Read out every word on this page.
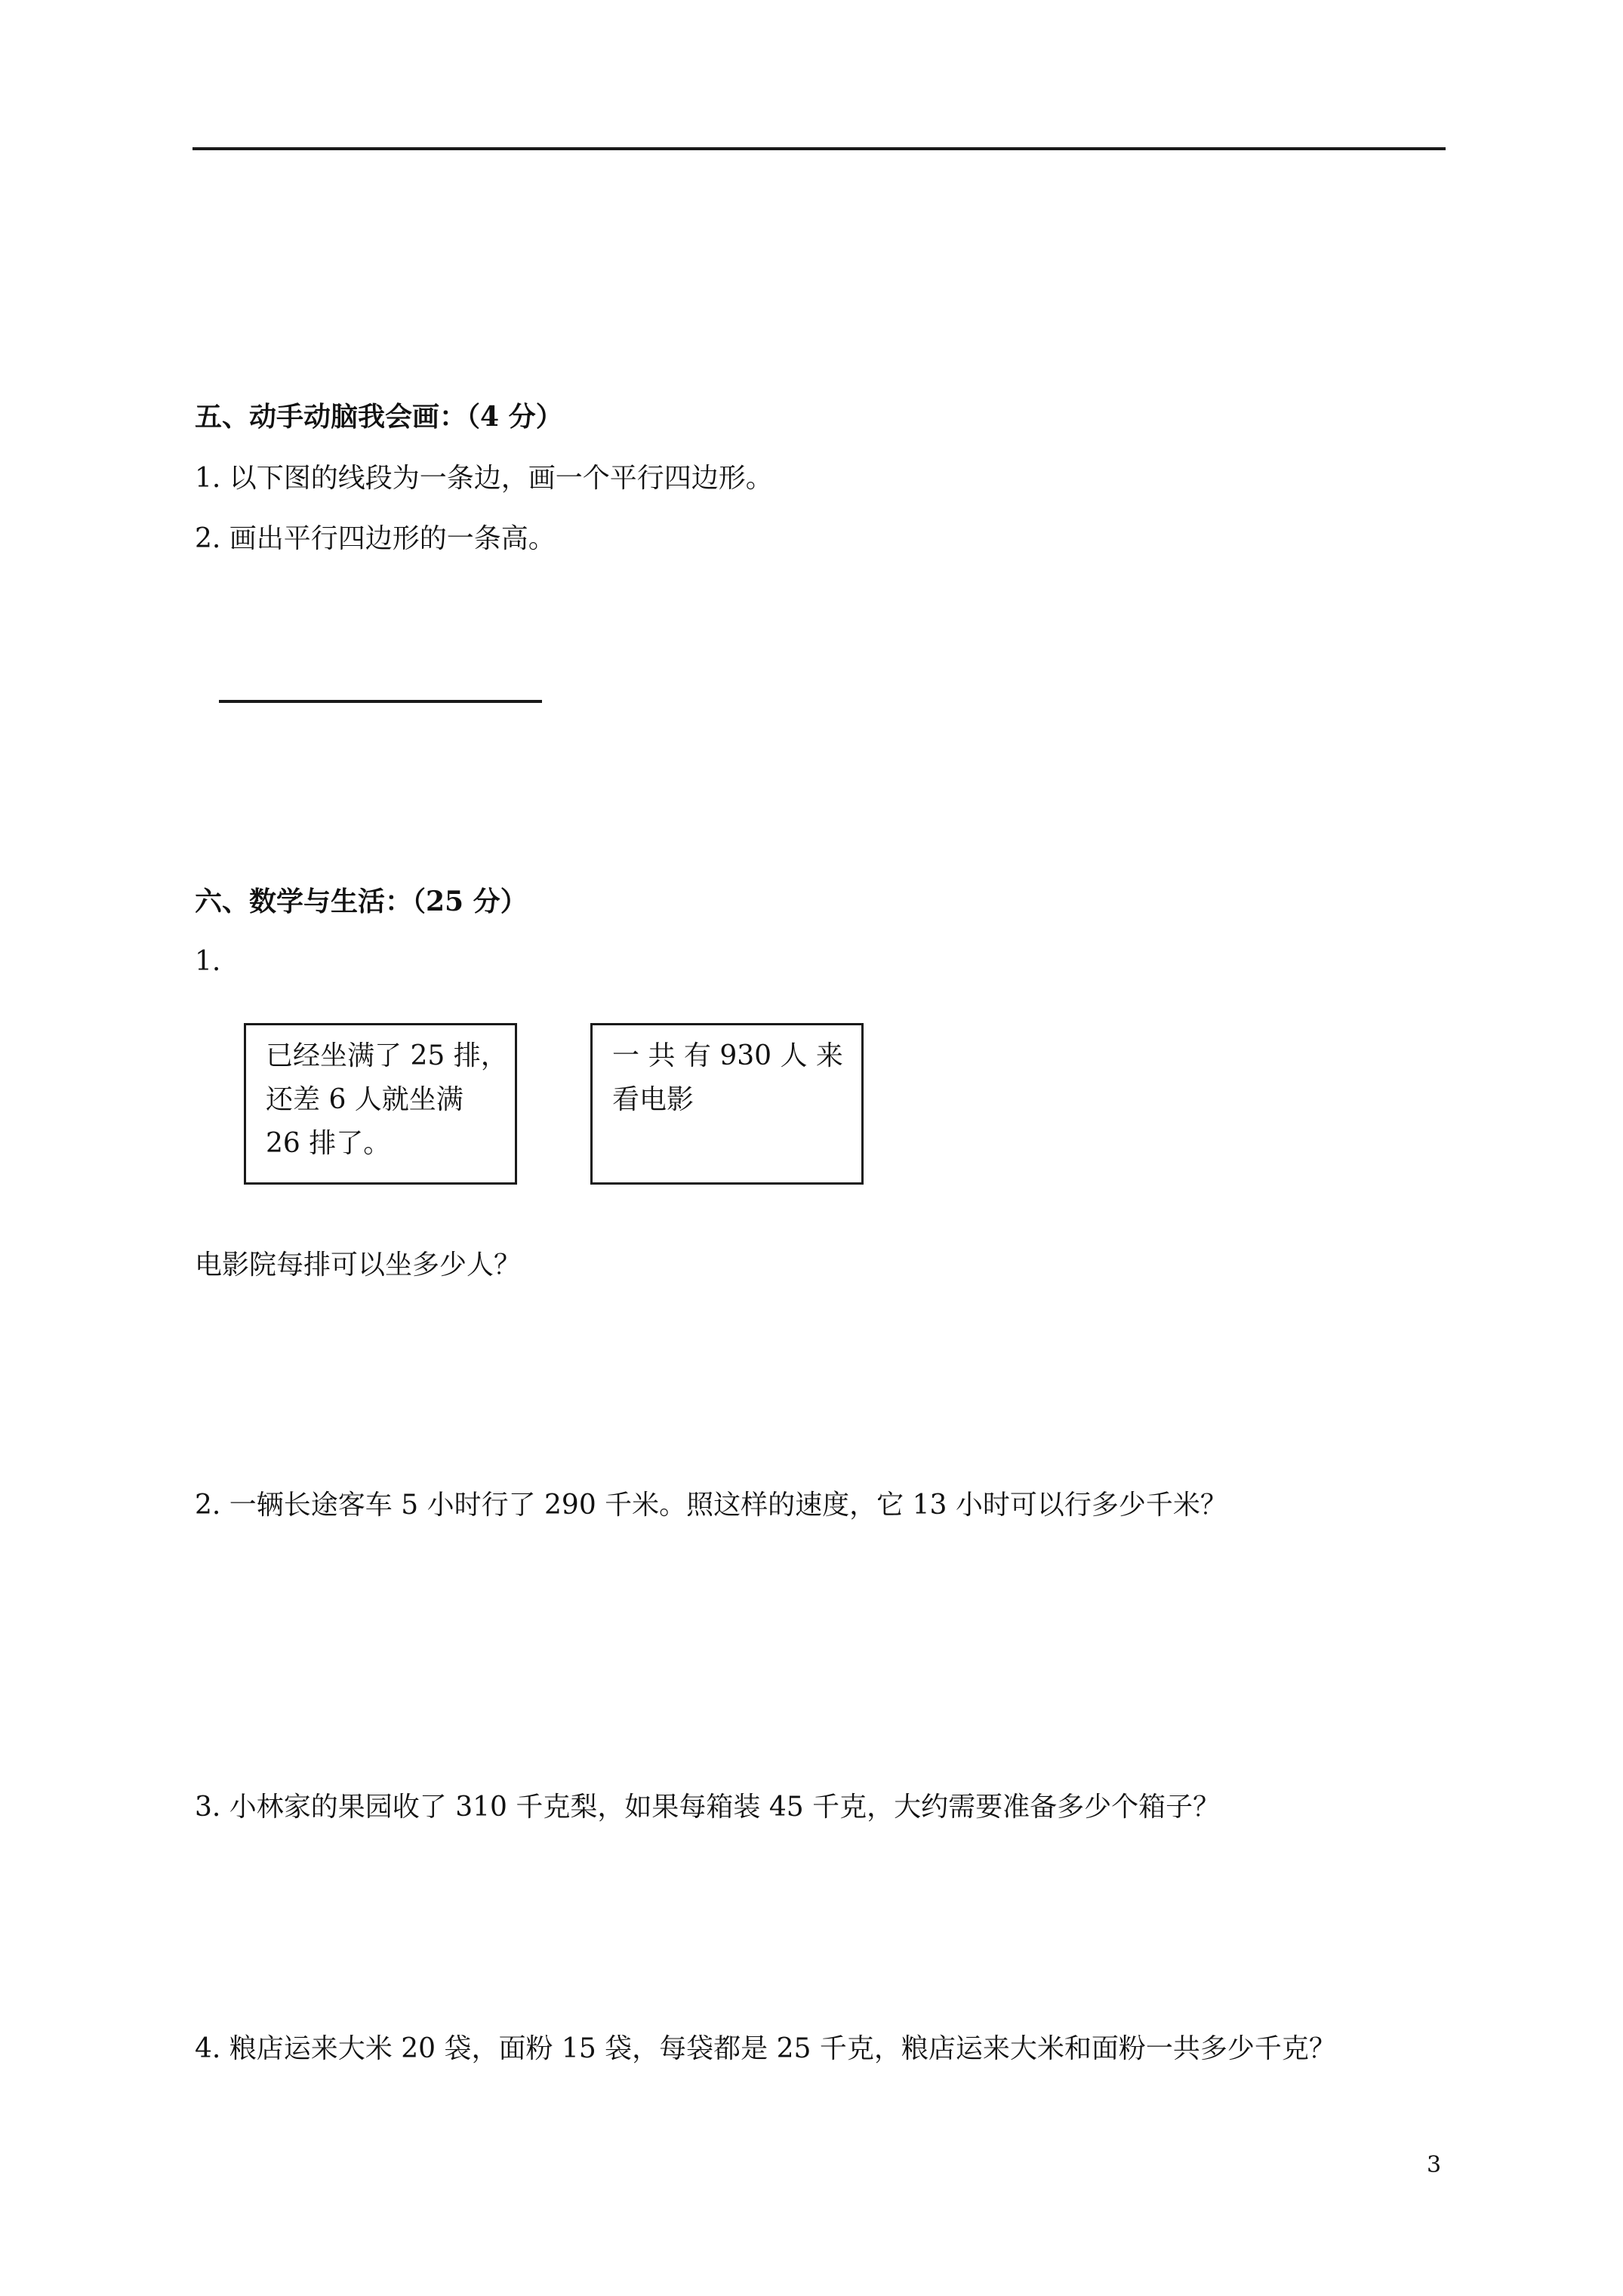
五、动手动脑我会画：（4 分）
1. 以下图的线段为一条边，画一个平行四边形。
2. 画出平行四边形的一条高。
六、数学与生活：（25 分）
1.
已经坐满了 25 排，
还差 6 人就坐满
26 排了。
一 共 有 930 人 来
看电影
电影院每排可以坐多少人？
2. 一辆长途客车 5 小时行了 290 千米。照这样的速度，它 13 小时可以行多少千米？
3. 小林家的果园收了 310 千克梨，如果每箱装 45 千克，大约需要准备多少个箱子？
4. 粮店运来大米 20 袋，面粉 15 袋，每袋都是 25 千克，粮店运来大米和面粉一共多少千克？
3
